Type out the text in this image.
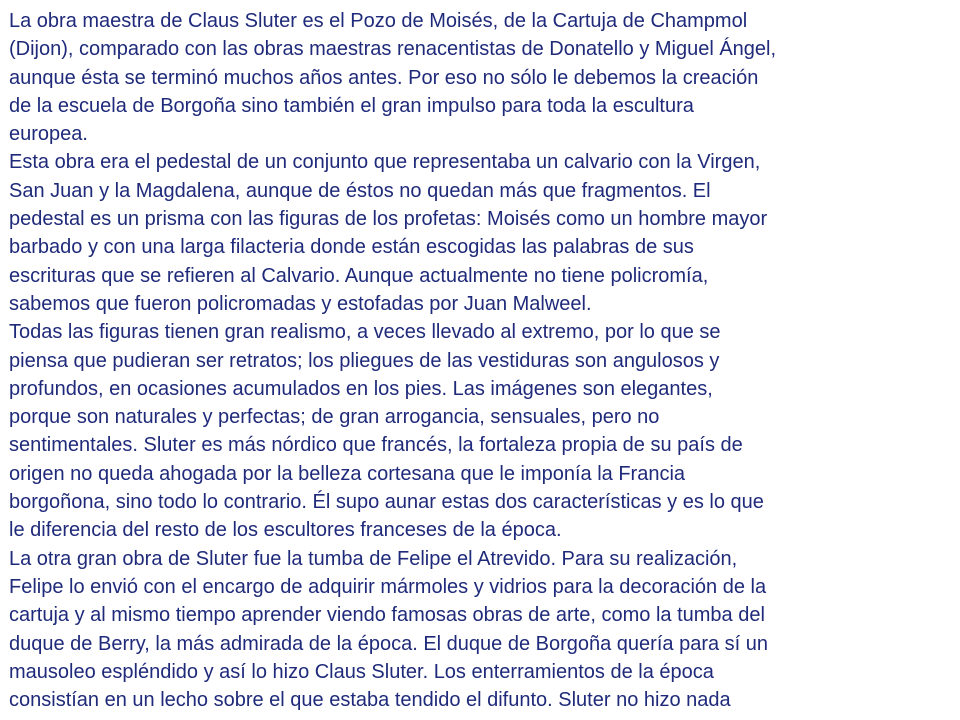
La obra maestra de Claus Sluter es el Pozo de Moisés, de la Cartuja de Champmol
(Dijon), comparado con las obras maestras renacentistas de Donatello y Miguel Ángel,
aunque ésta se terminó muchos años antes. Por eso no sólo le debemos la creación
de la escuela de Borgoña sino también el gran impulso para toda la escultura
europea.

Esta obra era el pedestal de un conjunto que representaba un calvario con la Virgen,
San Juan y la Magdalena, aunque de éstos no quedan más que fragmentos. El
pedestal es un prisma con las figuras de los profetas: Moisés como un hombre mayor
barbado y con una larga filacteria donde están escogidas las palabras de sus
escrituras que se refieren al Calvario. Aunque actualmente no tiene policromía,
sabemos que fueron policromadas y estofadas por Juan Malweel.

Todas las figuras tienen gran realismo, a veces llevado al extremo, por lo que se
piensa que pudieran ser retratos; los pliegues de las vestiduras son angulosos y
profundos, en ocasiones acumulados en los pies. Las imágenes son elegantes,
porque son naturales y perfectas; de gran arrogancia, sensuales, pero no
sentimentales. Sluter es más nórdico que francés, la fortaleza propia de su país de
origen no queda ahogada por la belleza cortesana que le imponía la Francia
borgoñona, sino todo lo contrario. Él supo aunar estas dos características y es lo que
le diferencia del resto de los escultores franceses de la época.

La otra gran obra de Sluter fue la tumba de Felipe el Atrevido. Para su realización,
Felipe lo envió con el encargo de adquirir mármoles y vidrios para la decoración de la
cartuja y al mismo tiempo aprender viendo famosas obras de arte, como la tumba del
duque de Berry, la más admirada de la época. El duque de Borgoña quería para sí un
mausoleo espléndido y así lo hizo Claus Sluter. Los enterramientos de la época
consistían en un lecho sobre el que estaba tendido el difunto. Sluter no hizo nada
